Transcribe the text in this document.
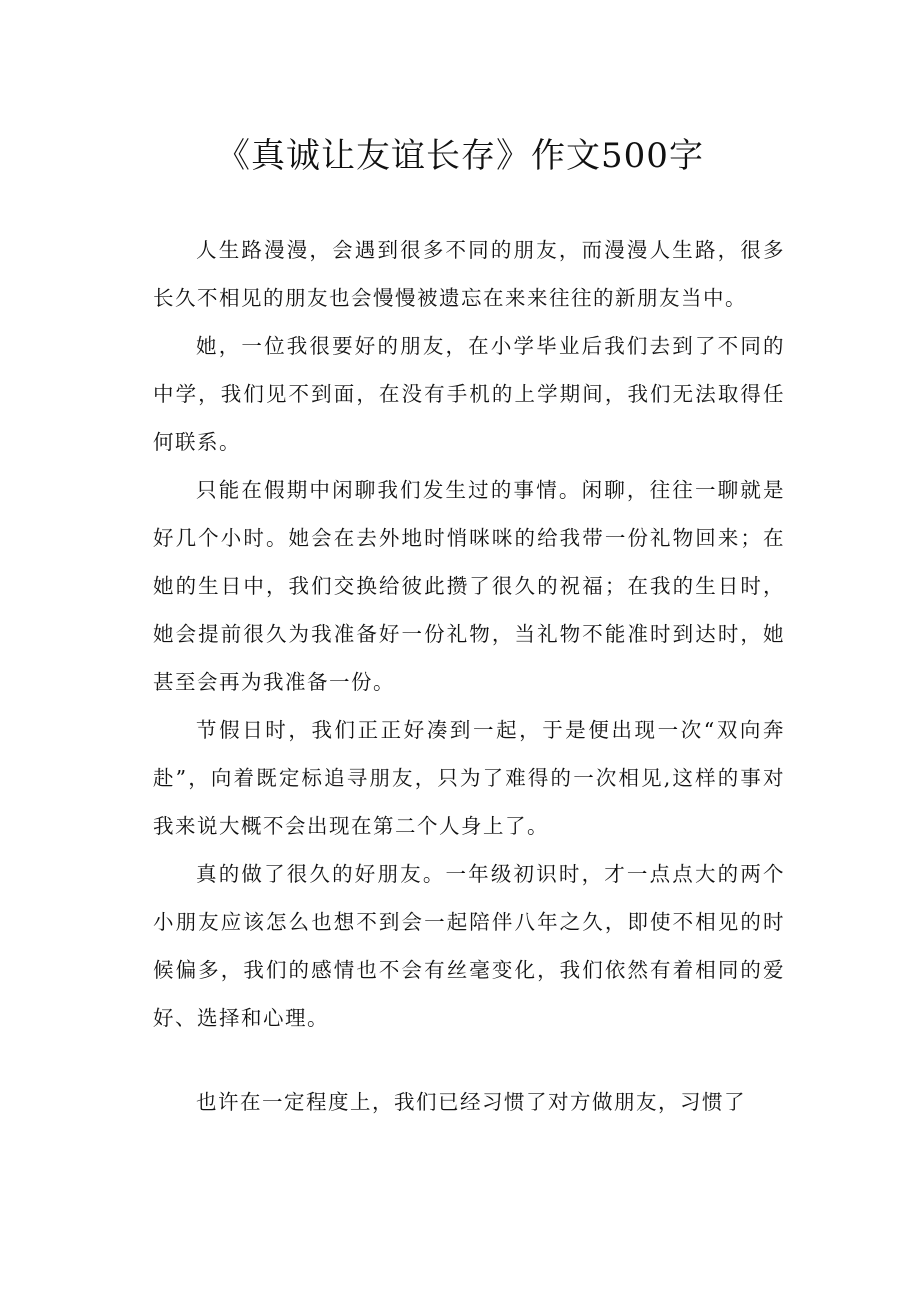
《真诚让友谊长存》作文500字

人生路漫漫，会遇到很多不同的朋友，而漫漫人生路，很多长久不相见的朋友也会慢慢被遗忘在来来往往的新朋友当中。

她，一位我很要好的朋友，在小学毕业后我们去到了不同的中学，我们见不到面，在没有手机的上学期间，我们无法取得任何联系。

只能在假期中闲聊我们发生过的事情。闲聊，往往一聊就是好几个小时。她会在去外地时悄咪咪的给我带一份礼物回来；在她的生日中，我们交换给彼此攒了很久的祝福；在我的生日时，她会提前很久为我准备好一份礼物，当礼物不能准时到达时，她甚至会再为我准备一份。

节假日时，我们正正好凑到一起，于是便出现一次“双向奔赴”，向着既定标追寻朋友，只为了难得的一次相见,这样的事对我来说大概不会出现在第二个人身上了。

真的做了很久的好朋友。一年级初识时，才一点点大的两个小朋友应该怎么也想不到会一起陪伴八年之久，即使不相见的时候偏多，我们的感情也不会有丝毫变化，我们依然有着相同的爱好、选择和心理。

也许在一定程度上，我们已经习惯了对方做朋友，习惯了
